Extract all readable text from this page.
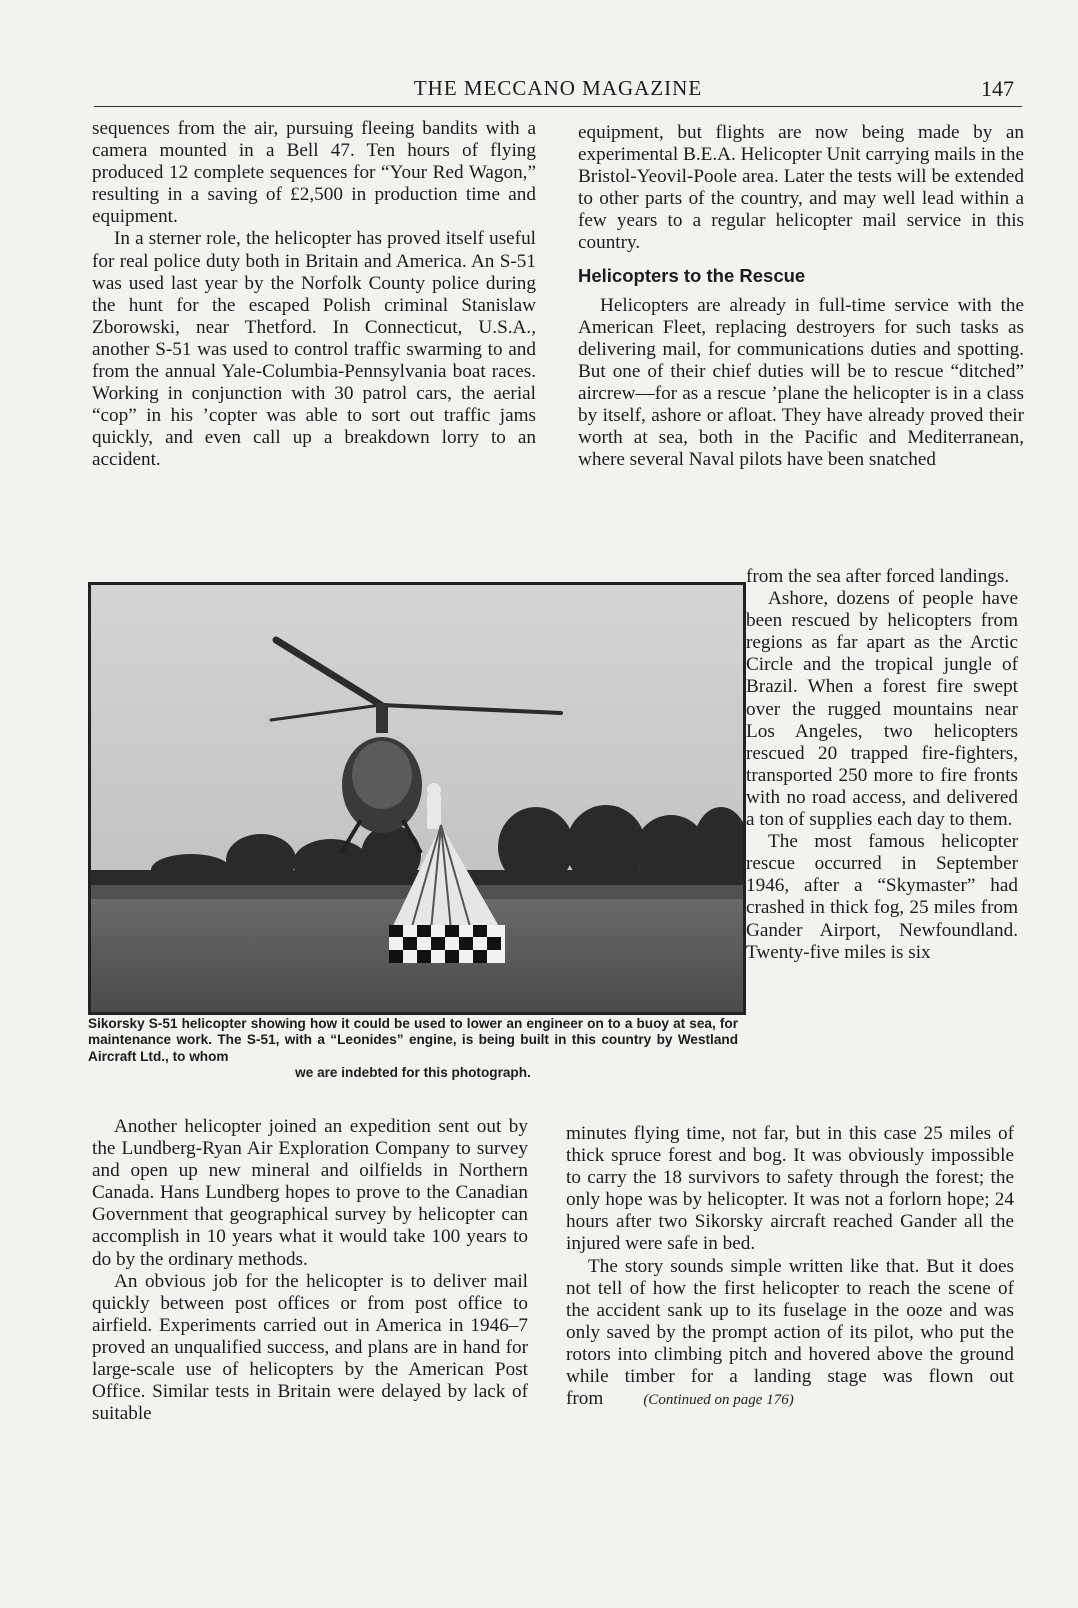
THE MECCANO MAGAZINE	147

sequences from the air, pursuing fleeing bandits with a camera mounted in a Bell 47. Ten hours of flying produced 12 complete sequences for “Your Red Wagon,” resulting in a saving of £2,500 in production time and equipment.

In a sterner role, the helicopter has proved itself useful for real police duty both in Britain and America. An S-51 was used last year by the Norfolk County police during the hunt for the escaped Polish criminal Stanislaw Zborowski, near Thetford. In Connecticut, U.S.A., another S-51 was used to control traffic swarming to and from the annual Yale-Columbia-Pennsylvania boat races. Working in conjunction with 30 patrol cars, the aerial “cop” in his ’copter was able to sort out traffic jams quickly, and even call up a breakdown lorry to an accident.

equipment, but flights are now being made by an experimental B.E.A. Helicopter Unit carrying mails in the Bristol-Yeovil-Poole area. Later the tests will be extended to other parts of the country, and may well lead within a few years to a regular helicopter mail service in this country.

Helicopters to the Rescue

Helicopters are already in full-time service with the American Fleet, replacing destroyers for such tasks as delivering mail, for communications duties and spotting. But one of their chief duties will be to rescue “ditched” aircrew—for as a rescue ’plane the helicopter is in a class by itself, ashore or afloat. They have already proved their worth at sea, both in the Pacific and Mediterranean, where several Naval pilots have been snatched

Sikorsky S-51 helicopter showing how it could be used to lower an engineer on to a buoy at sea, for maintenance work. The S-51, with a “Leonides” engine, is being built in this country by Westland Aircraft Ltd., to whom
we are indebted for this photograph.

from the sea after forced landings.

Ashore, dozens of people have been rescued by helicopters from regions as far apart as the Arctic Circle and the tropical jungle of Brazil. When a forest fire swept over the rugged mountains near Los Angeles, two helicopters rescued 20 trapped fire-fighters, transported 250 more to fire fronts with no road access, and delivered a ton of supplies each day to them.

The most famous helicopter rescue occurred in September 1946, after a “Skymaster” had crashed in thick fog, 25 miles from Gander Airport, Newfoundland. Twenty-five miles is six

Another helicopter joined an expedition sent out by the Lundberg-Ryan Air Exploration Company to survey and open up new mineral and oilfields in Northern Canada. Hans Lundberg hopes to prove to the Canadian Government that geographical survey by helicopter can accomplish in 10 years what it would take 100 years to do by the ordinary methods.

An obvious job for the helicopter is to deliver mail quickly between post offices or from post office to airfield. Experiments carried out in America in 1946–7 proved an unqualified success, and plans are in hand for large-scale use of helicopters by the American Post Office. Similar tests in Britain were delayed by lack of suitable

minutes flying time, not far, but in this case 25 miles of thick spruce forest and bog. It was obviously impossible to carry the 18 survivors to safety through the forest; the only hope was by helicopter. It was not a forlorn hope; 24 hours after two Sikorsky aircraft reached Gander all the injured were safe in bed.

The story sounds simple written like that. But it does not tell of how the first helicopter to reach the scene of the accident sank up to its fuselage in the ooze and was only saved by the prompt action of its pilot, who put the rotors into climbing pitch and hovered above the ground while timber for a landing stage was flown out from	(Continued on page 176)
